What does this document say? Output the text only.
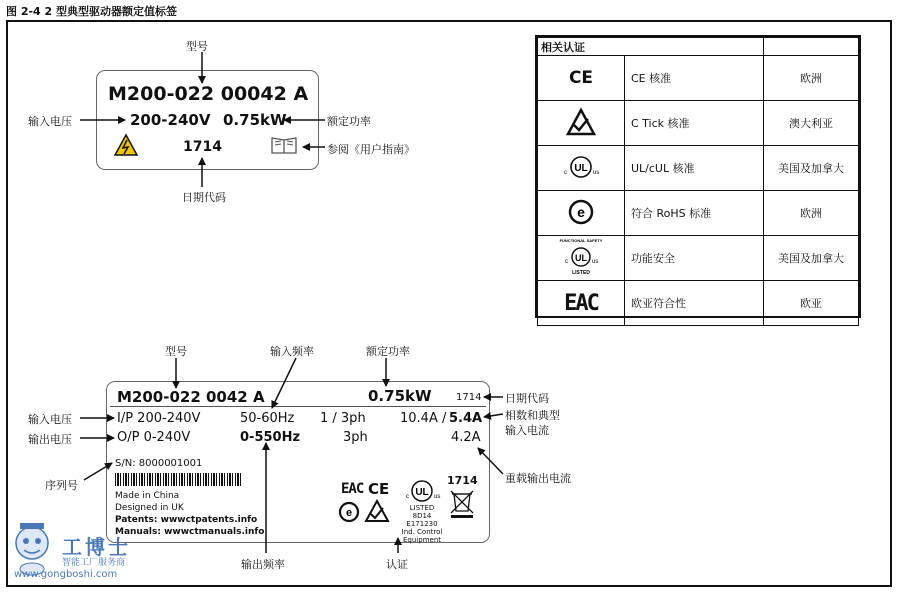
图 2-4 2 型典型驱动器额定值标签
型号
输入电压	额定功率
参阅《用户指南》
日期代码
M200-022 00042 A
200-240V 0.75kW
1714
相关认证		
CE	CE 核准	欧洲
	C Tick 核准	澳大利亚

UL
c us	UL/cUL 核准	美国及加拿大

e	符合 RoHS 标准	欧洲

FUNCTIONAL SAFETY
UL
c us
LISTED	功能安全	美国及加拿大
EAC	欧亚符合性	欧亚
型号	输入频率	额定功率
日期代码
相数和典型
输入电流
输入电压
输出电压
序列号
重载输出电流
输出频率	认证
M200-022 0042 A	0.75kW 1714
I/P 200-240V	50-60Hz 1 / 3ph	10.4A / 5.4A
O/P 0-240V	0-550Hz	3ph	4.2A
S/N: 8000001001
Made in China
Designed in UK
Patents: wwwctpatents.info
Manuals: wwwctmanuals.info
EAC CE
e
UL
c	us
LISTED 8D14
E171230
Ind. Control
Equipment
1714
工博士
智能工厂服务商
www.gongboshi.com
